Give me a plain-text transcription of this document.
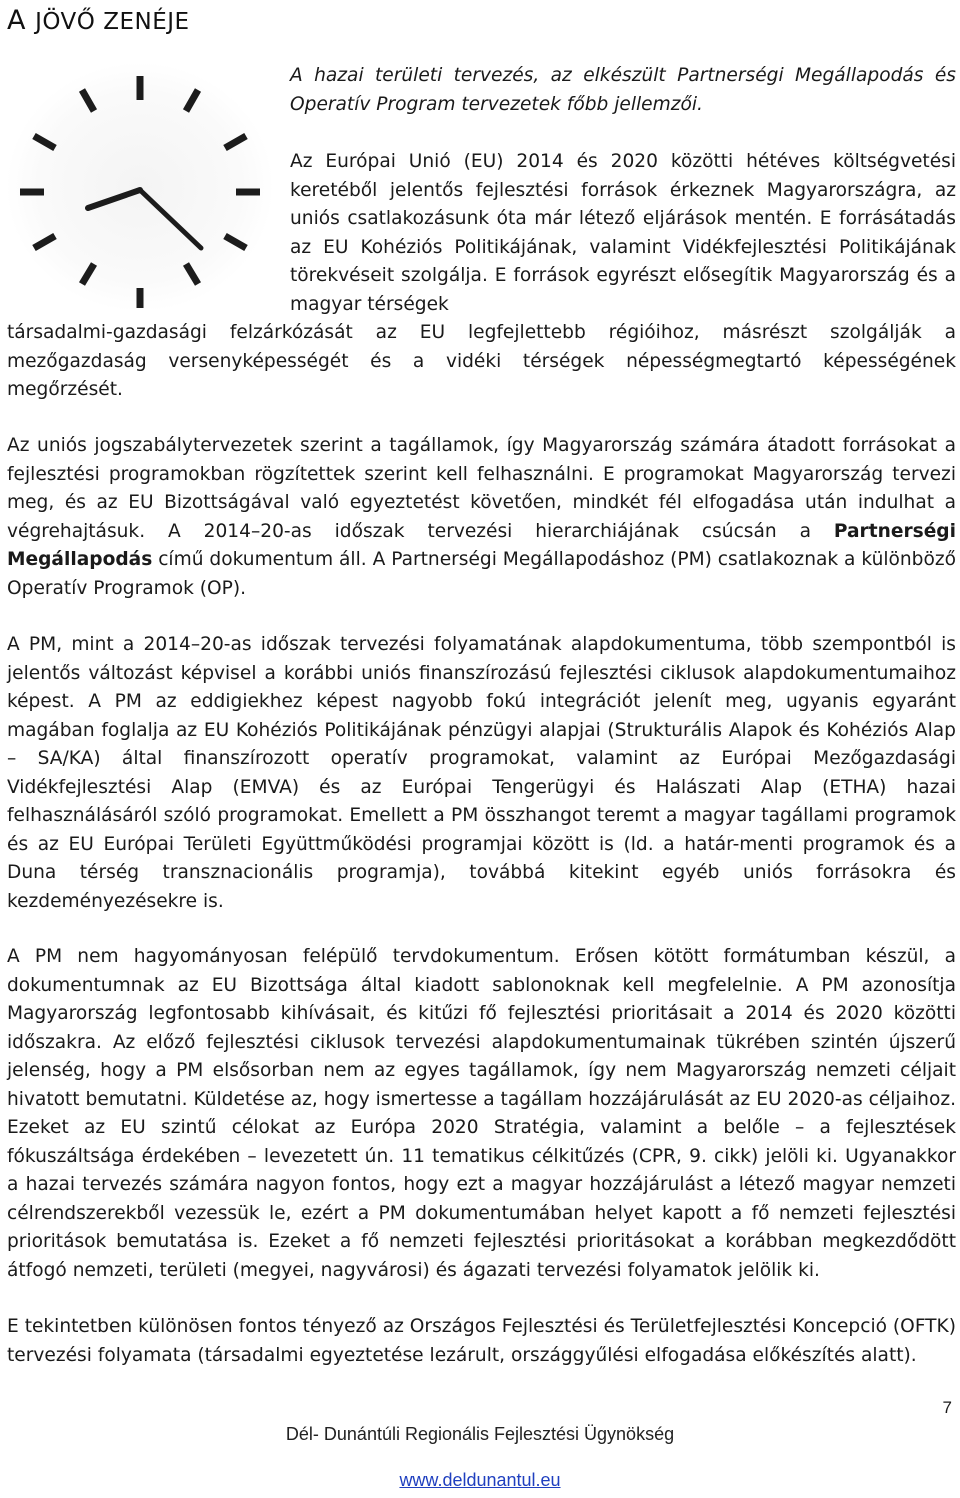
A JÖVŐ ZENÉJE

A hazai területi tervezés, az elkészült Partnerségi Megállapodás és Operatív Program tervezetek főbb jellemzői.

Az Európai Unió (EU) 2014 és 2020 közötti hétéves költségvetési keretéből jelentős fejlesztési források érkeznek Magyarországra, az uniós csatlakozásunk óta már létező eljárások mentén. E forrásátadás az EU Kohéziós Politikájának, valamint Vidékfejlesztési Politikájának törekvéseit szolgálja. E források egyrészt elősegítik Magyarország és a magyar térségek

társadalmi-gazdasági felzárkózását az EU legfejlettebb régióihoz, másrészt szolgálják a mezőgazdaság versenyképességét és a vidéki térségek népességmegtartó képességének megőrzését.

Az uniós jogszabálytervezetek szerint a tagállamok, így Magyarország számára átadott forrásokat a fejlesztési programokban rögzítettek szerint kell felhasználni. E programokat Magyarország tervezi meg, és az EU Bizottságával való egyeztetést követően, mindkét fél elfogadása után indulhat a végrehajtásuk. A 2014–20-as időszak tervezési hierarchiájának csúcsán a Partnerségi Megállapodás című dokumentum áll. A Partnerségi Megállapodáshoz (PM) csatlakoznak a különböző Operatív Programok (OP).

A PM, mint a 2014–20-as időszak tervezési folyamatának alapdokumentuma, több szempontból is jelentős változást képvisel a korábbi uniós finanszírozású fejlesztési ciklusok alapdokumentumaihoz képest. A PM az eddigiekhez képest nagyobb fokú integrációt jelenít meg, ugyanis egyaránt magában foglalja az EU Kohéziós Politikájának pénzügyi alapjai (Strukturális Alapok és Kohéziós Alap – SA/KA) által finanszírozott operatív programokat, valamint az Európai Mezőgazdasági Vidékfejlesztési Alap (EMVA) és az Európai Tengerügyi és Halászati Alap (ETHA) hazai felhasználásáról szóló programokat. Emellett a PM összhangot teremt a magyar tagállami programok és az EU Európai Területi Együttműködési programjai között is (ld. a határ-menti programok és a Duna térség transznacionális programja), továbbá kitekint egyéb uniós forrásokra és kezdeményezésekre is.

A PM nem hagyományosan felépülő tervdokumentum. Erősen kötött formátumban készül, a dokumentumnak az EU Bizottsága által kiadott sablonoknak kell megfelelnie. A PM azonosítja Magyarország legfontosabb kihívásait, és kitűzi fő fejlesztési prioritásait a 2014 és 2020 közötti időszakra. Az előző fejlesztési ciklusok tervezési alapdokumentumainak tükrében szintén újszerű jelenség, hogy a PM elsősorban nem az egyes tagállamok, így nem Magyarország nemzeti céljait hivatott bemutatni. Küldetése az, hogy ismertesse a tagállam hozzájárulását az EU 2020-as céljaihoz. Ezeket az EU szintű célokat az Európa 2020 Stratégia, valamint a belőle – a fejlesztések fókuszáltsága érdekében – levezetett ún. 11 tematikus célkitűzés (CPR, 9. cikk) jelöli ki. Ugyanakkor a hazai tervezés számára nagyon fontos, hogy ezt a magyar hozzájárulást a létező magyar nemzeti célrendszerekből vezessük le, ezért a PM dokumentumában helyet kapott a fő nemzeti fejlesztési prioritások bemutatása is. Ezeket a fő nemzeti fejlesztési prioritásokat a korábban megkezdődött átfogó nemzeti, területi (megyei, nagyvárosi) és ágazati tervezési folyamatok jelölik ki.

E tekintetben különösen fontos tényező az Országos Fejlesztési és Területfejlesztési Koncepció (OFTK) tervezési folyamata (társadalmi egyeztetése lezárult, országgyűlési elfogadása előkészítés alatt).

7
Dél- Dunántúli Regionális Fejlesztési Ügynökség
www.deldunantul.eu
